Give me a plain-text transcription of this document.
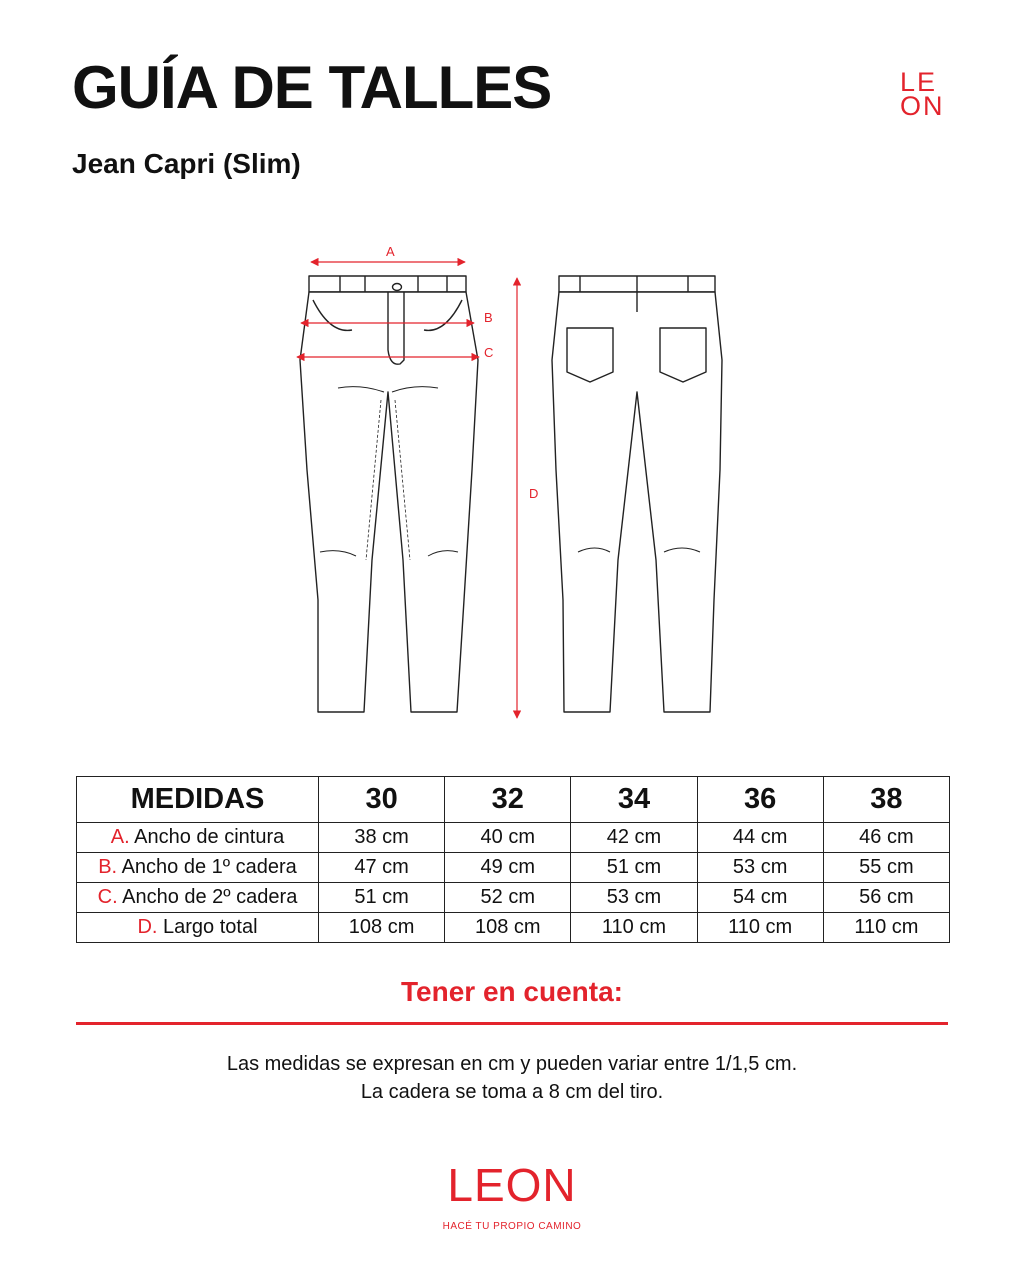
GUÍA DE TALLES
Jean Capri (Slim)
LE
ON
A
B
C
D
MEDIDAS	30	32	34	36	38
A. Ancho de cintura	38 cm	40 cm	42 cm	44 cm	46 cm
B. Ancho de 1º cadera	47 cm	49 cm	51 cm	53 cm	55 cm
C. Ancho de 2º cadera	51 cm	52 cm	53 cm	54 cm	56 cm
D. Largo total	108 cm	108 cm	110 cm	110 cm	110 cm
Tener en cuenta:
Las medidas se expresan en cm y pueden variar entre 1/1,5 cm.
La cadera se toma a 8 cm del tiro.
LEON
HACÉ TU PROPIO CAMINO
